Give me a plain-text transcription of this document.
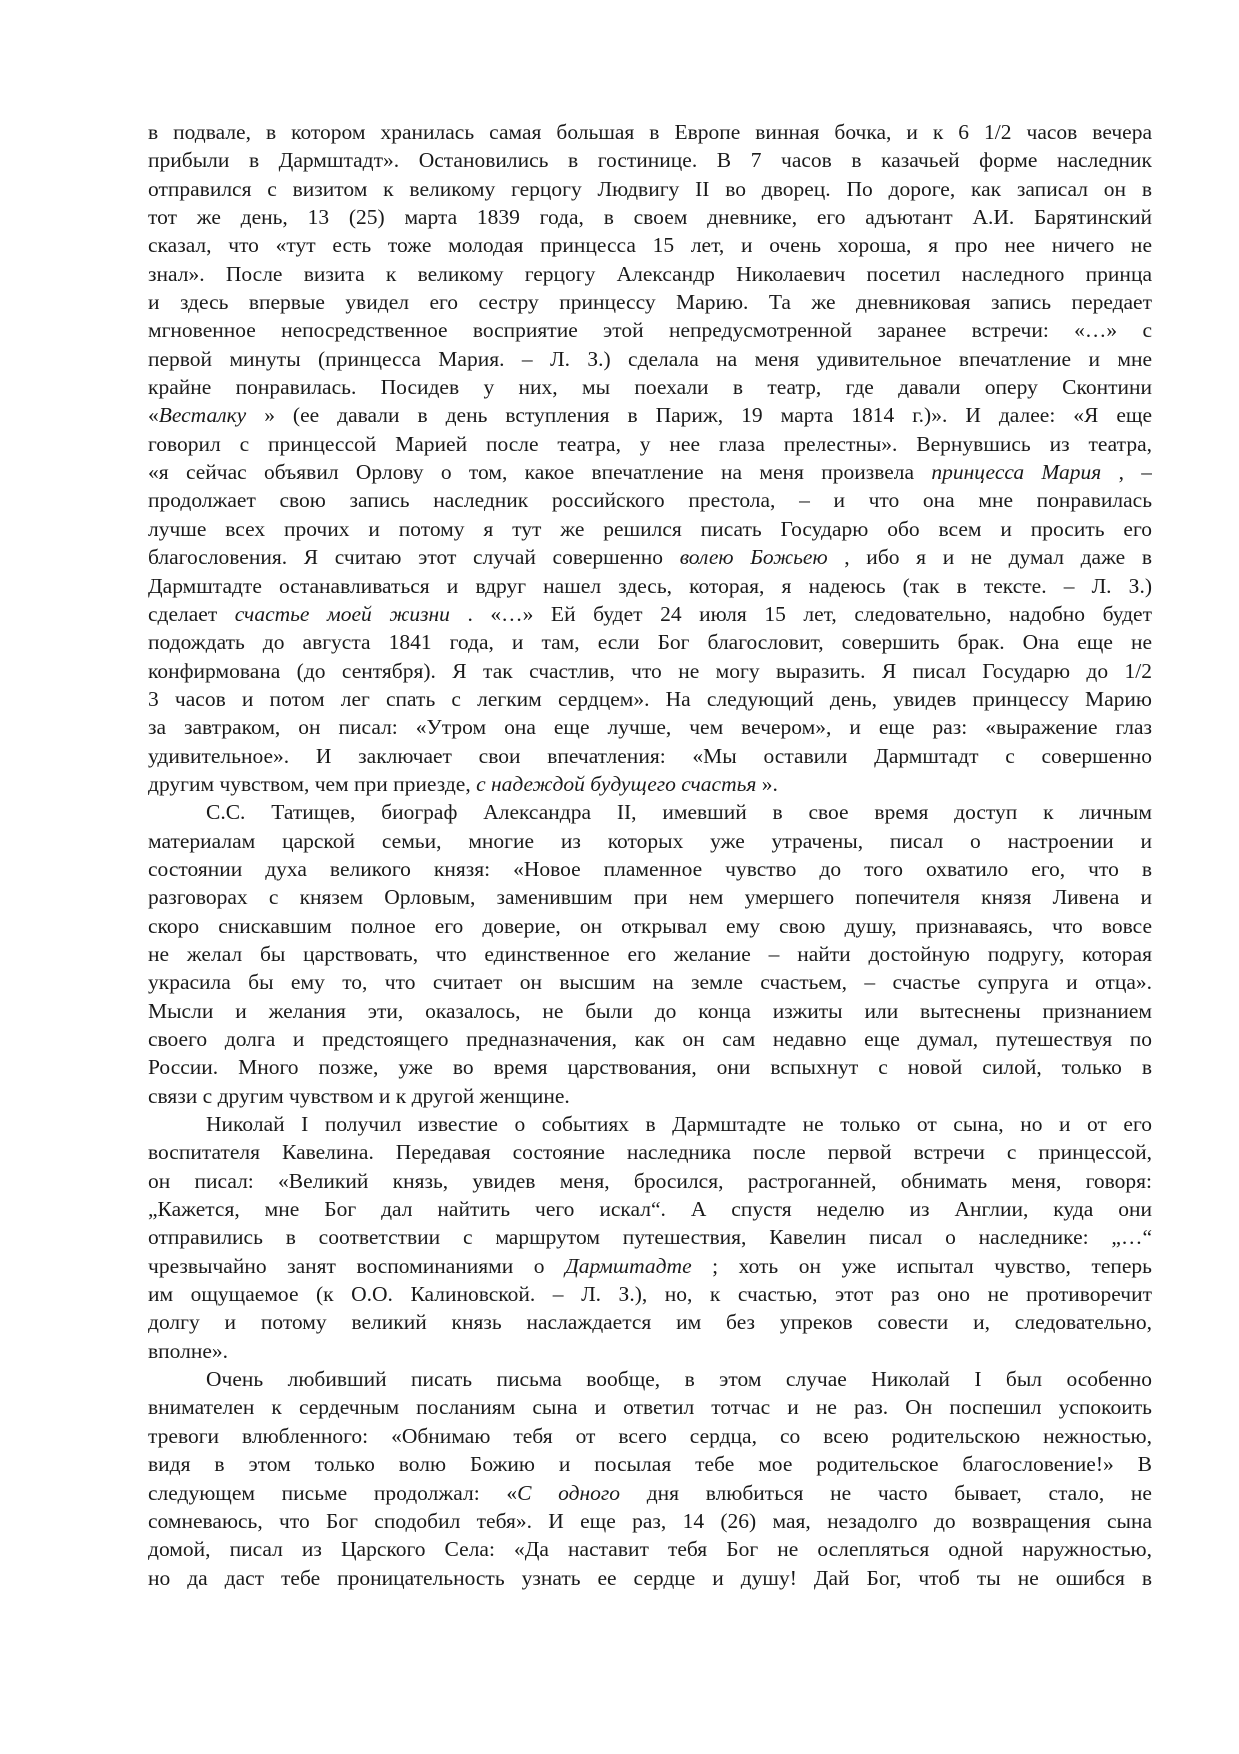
в подвале, в котором хранилась самая большая в Европе винная бочка, и к 6 1/2 часов вечера
прибыли в Дармштадт». Остановились в гостинице. В 7 часов в казачьей форме наследник
отправился с визитом к великому герцогу Людвигу II во дворец. По дороге, как записал он в
тот же день, 13 (25) марта 1839 года, в своем дневнике, его адъютант А.И. Барятинский
сказал, что «тут есть тоже молодая принцесса 15 лет, и очень хороша, я про нее ничего не
знал». После визита к великому герцогу Александр Николаевич посетил наследного принца
и здесь впервые увидел его сестру принцессу Марию. Та же дневниковая запись передает
мгновенное непосредственное восприятие этой непредусмотренной заранее встречи: «…» с
первой минуты (принцесса Мария. – Л. З.) сделала на меня удивительное впечатление и мне
крайне понравилась. Посидев у них, мы поехали в театр, где давали оперу Сконтини
«Весталку » (ее давали в день вступления в Париж, 19 марта 1814 г.)». И далее: «Я еще
говорил с принцессой Марией после театра, у нее глаза прелестны». Вернувшись из театра,
«я сейчас объявил Орлову о том, какое впечатление на меня произвела принцесса Мария , –
продолжает свою запись наследник российского престола, – и что она мне понравилась
лучше всех прочих и потому я тут же решился писать Государю обо всем и просить его
благословения. Я считаю этот случай совершенно волею Божьею , ибо я и не думал даже в
Дармштадте останавливаться и вдруг нашел здесь, которая, я надеюсь (так в тексте. – Л. З.)
сделает счастье моей жизни . «…» Ей будет 24 июля 15 лет, следовательно, надобно будет
подождать до августа 1841 года, и там, если Бог благословит, совершить брак. Она еще не
конфирмована (до сентября). Я так счастлив, что не могу выразить. Я писал Государю до 1/2
3 часов и потом лег спать с легким сердцем». На следующий день, увидев принцессу Марию
за завтраком, он писал: «Утром она еще лучше, чем вечером», и еще раз: «выражение глаз
удивительное». И заключает свои впечатления: «Мы оставили Дармштадт с совершенно
другим чувством, чем при приезде, с надеждой будущего счастья ».
С.С. Татищев, биограф Александра II, имевший в свое время доступ к личным
материалам царской семьи, многие из которых уже утрачены, писал о настроении и
состоянии духа великого князя: «Новое пламенное чувство до того охватило его, что в
разговорах с князем Орловым, заменившим при нем умершего попечителя князя Ливена и
скоро снискавшим полное его доверие, он открывал ему свою душу, признаваясь, что вовсе
не желал бы царствовать, что единственное его желание – найти достойную подругу, которая
украсила бы ему то, что считает он высшим на земле счастьем, – счастье супруга и отца».
Мысли и желания эти, оказалось, не были до конца изжиты или вытеснены признанием
своего долга и предстоящего предназначения, как он сам недавно еще думал, путешествуя по
России. Много позже, уже во время царствования, они вспыхнут с новой силой, только в
связи с другим чувством и к другой женщине.
Николай I получил известие о событиях в Дармштадте не только от сына, но и от его
воспитателя Кавелина. Передавая состояние наследника после первой встречи с принцессой,
он писал: «Великий князь, увидев меня, бросился, растроганней, обнимать меня, говоря:
„Кажется, мне Бог дал найтить чего искал“. А спустя неделю из Англии, куда они
отправились в соответствии с маршрутом путешествия, Кавелин писал о наследнике: „…“
чрезвычайно занят воспоминаниями о Дармштадте ; хоть он уже испытал чувство, теперь
им ощущаемое (к О.О. Калиновской. – Л. З.), но, к счастью, этот раз оно не противоречит
долгу и потому великий князь наслаждается им без упреков совести и, следовательно,
вполне».
Очень любивший писать письма вообще, в этом случае Николай I был особенно
внимателен к сердечным посланиям сына и ответил тотчас и не раз. Он поспешил успокоить
тревоги влюбленного: «Обнимаю тебя от всего сердца, со всею родительскою нежностью,
видя в этом только волю Божию и посылая тебе мое родительское благословение!» В
следующем письме продолжал: «С одного дня влюбиться не часто бывает, стало, не
сомневаюсь, что Бог сподобил тебя». И еще раз, 14 (26) мая, незадолго до возвращения сына
домой, писал из Царского Села: «Да наставит тебя Бог не ослепляться одной наружностью,
но да даст тебе проницательность узнать ее сердце и душу! Дай Бог, чтоб ты не ошибся в
